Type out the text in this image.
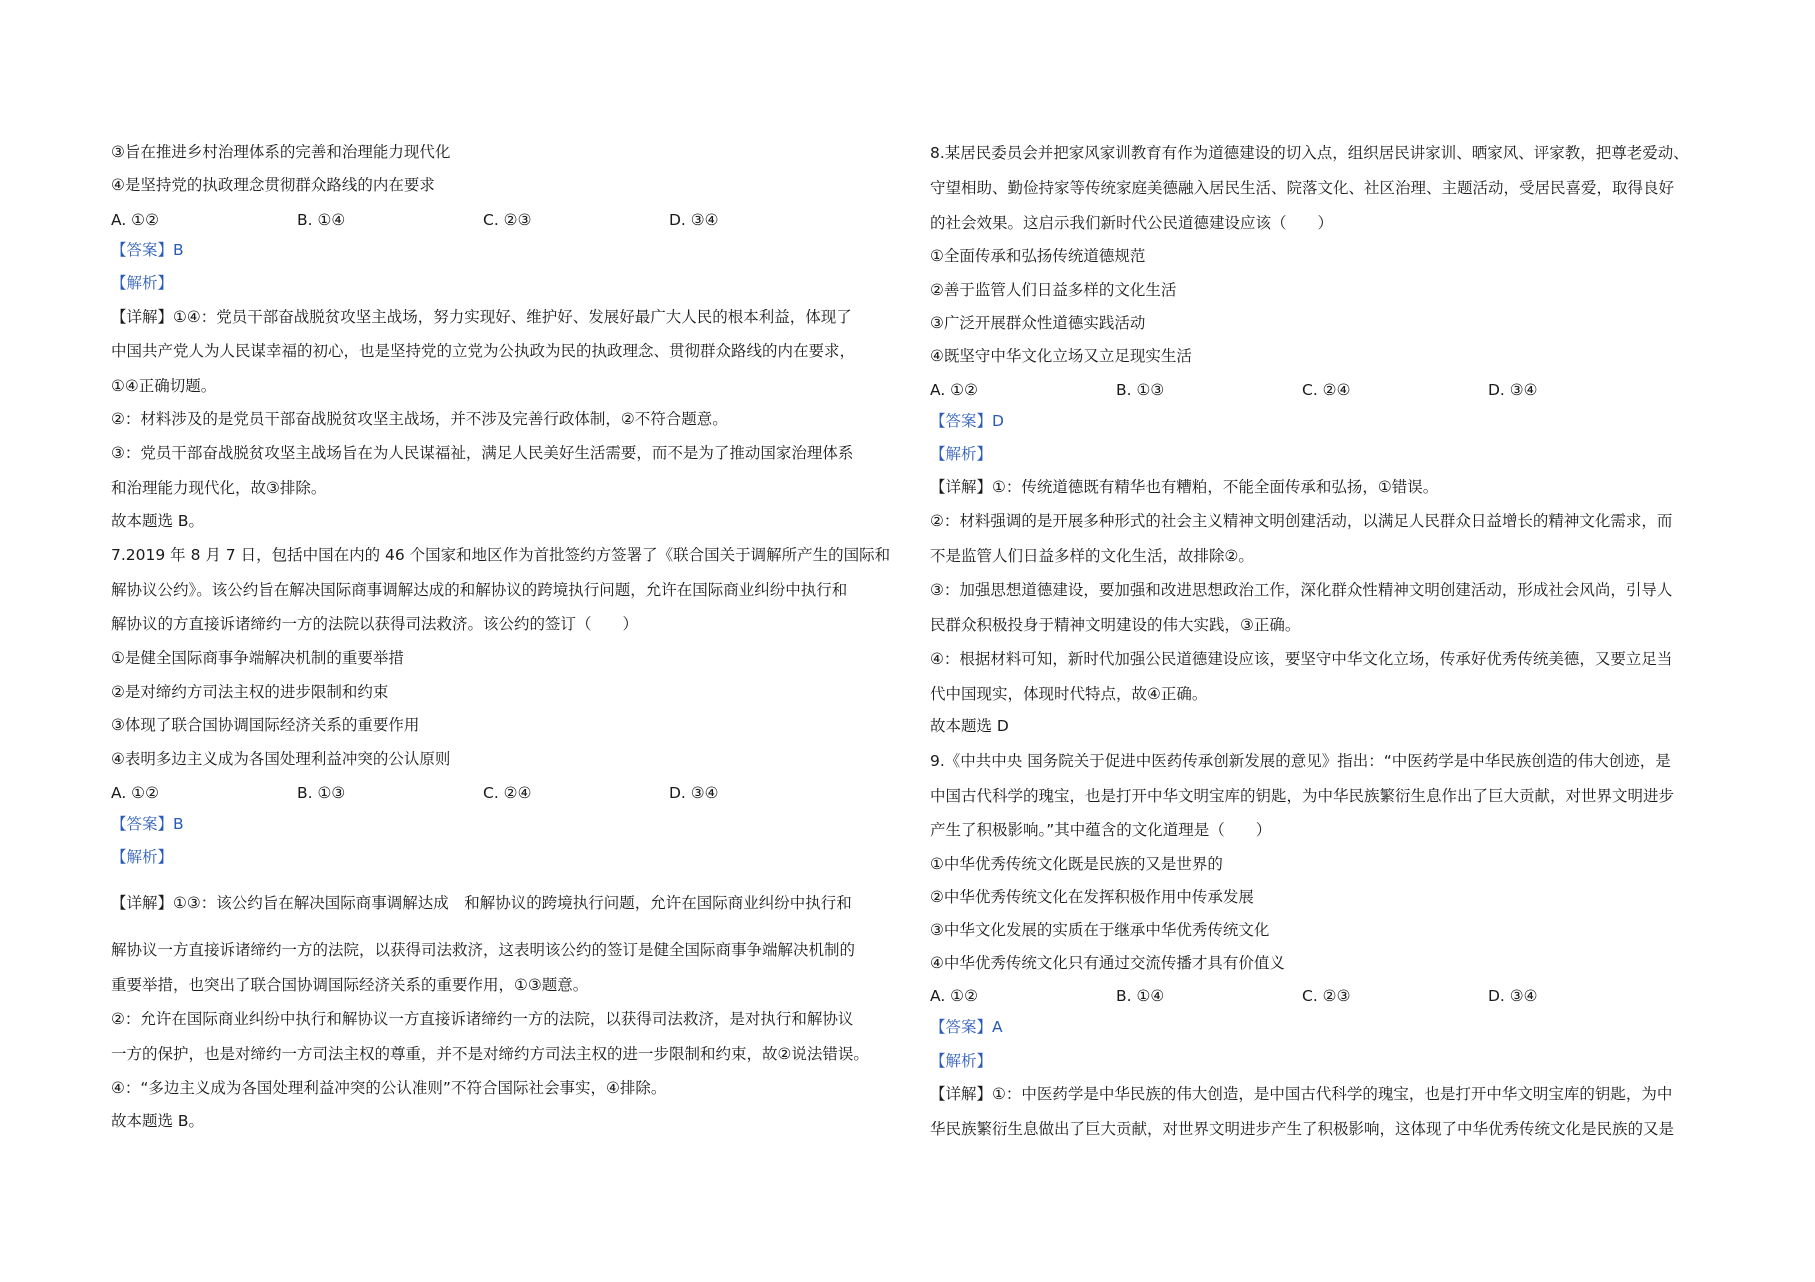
③旨在推进乡村治理体系的完善和治理能力现代化
④是坚持党的执政理念贯彻群众路线的内在要求
A. ①②	B. ①④	C. ②③	D. ③④
【答案】B
【解析】
【详解】①④：党员干部奋战脱贫攻坚主战场，努力实现好、维护好、发展好最广大人民的根本利益，体现了
中国共产党人为人民谋幸福的初心，也是坚持党的立党为公执政为民的执政理念、贯彻群众路线的内在要求，
①④正确切题。
②：材料涉及的是党员干部奋战脱贫攻坚主战场，并不涉及完善行政体制，②不符合题意。
③：党员干部奋战脱贫攻坚主战场旨在为人民谋福祉，满足人民美好生活需要，而不是为了推动国家治理体系
和治理能力现代化，故③排除。
故本题选 B。
7.2019 年 8 月 7 日，包括中国在内的 46 个国家和地区作为首批签约方签署了《联合国关于调解所产生的国际和
解协议公约》。该公约旨在解决国际商事调解达成的和解协议的跨境执行问题，允许在国际商业纠纷中执行和
解协议的方直接诉诸缔约一方的法院以获得司法救济。该公约的签订（　　）
①是健全国际商事争端解决机制的重要举措
②是对缔约方司法主权的进步限制和约束
③体现了联合国协调国际经济关系的重要作用
④表明多边主义成为各国处理利益冲突的公认原则
A. ①②	B. ①③	C. ②④	D. ③④
【答案】B
【解析】
【详解】①③：该公约旨在解决国际商事调解达成　和解协议的跨境执行问题，允许在国际商业纠纷中执行和
解协议一方直接诉诸缔约一方的法院，以获得司法救济，这表明该公约的签订是健全国际商事争端解决机制的
重要举措，也突出了联合国协调国际经济关系的重要作用，①③题意。
②：允许在国际商业纠纷中执行和解协议一方直接诉诸缔约一方的法院，以获得司法救济，是对执行和解协议
一方的保护，也是对缔约一方司法主权的尊重，并不是对缔约方司法主权的进一步限制和约束，故②说法错误。
④：“多边主义成为各国处理利益冲突的公认准则”不符合国际社会事实，④排除。
故本题选 B。
8.某居民委员会并把家风家训教育有作为道德建设的切入点，组织居民讲家训、晒家风、评家教，把尊老爱动、
守望相助、勤俭持家等传统家庭美德融入居民生活、院落文化、社区治理、主题活动，受居民喜爱，取得良好
的社会效果。这启示我们新时代公民道德建设应该（　　）
①全面传承和弘扬传统道德规范
②善于监管人们日益多样的文化生活
③广泛开展群众性道德实践活动
④既坚守中华文化立场又立足现实生活
A. ①②	B. ①③	C. ②④	D. ③④
【答案】D
【解析】
【详解】①：传统道德既有精华也有糟粕，不能全面传承和弘扬，①错误。
②：材料强调的是开展多种形式的社会主义精神文明创建活动，以满足人民群众日益增长的精神文化需求，而
不是监管人们日益多样的文化生活，故排除②。
③：加强思想道德建设，要加强和改进思想政治工作，深化群众性精神文明创建活动，形成社会风尚，引导人
民群众积极投身于精神文明建设的伟大实践，③正确。
④：根据材料可知，新时代加强公民道德建设应该，要坚守中华文化立场，传承好优秀传统美德，又要立足当
代中国现实，体现时代特点，故④正确。
故本题选 D
9.《中共中央 国务院关于促进中医药传承创新发展的意见》指出：“中医药学是中华民族创造的伟大创迹，是
中国古代科学的瑰宝，也是打开中华文明宝库的钥匙，为中华民族繁衍生息作出了巨大贡献，对世界文明进步
产生了积极影响。”其中蕴含的文化道理是（　　）
①中华优秀传统文化既是民族的又是世界的
②中华优秀传统文化在发挥积极作用中传承发展
③中华文化发展的实质在于继承中华优秀传统文化
④中华优秀传统文化只有通过交流传播才具有价值义
A. ①②	B. ①④	C. ②③	D. ③④
【答案】A
【解析】
【详解】①：中医药学是中华民族的伟大创造，是中国古代科学的瑰宝，也是打开中华文明宝库的钥匙，为中
华民族繁衍生息做出了巨大贡献，对世界文明进步产生了积极影响，这体现了中华优秀传统文化是民族的又是
